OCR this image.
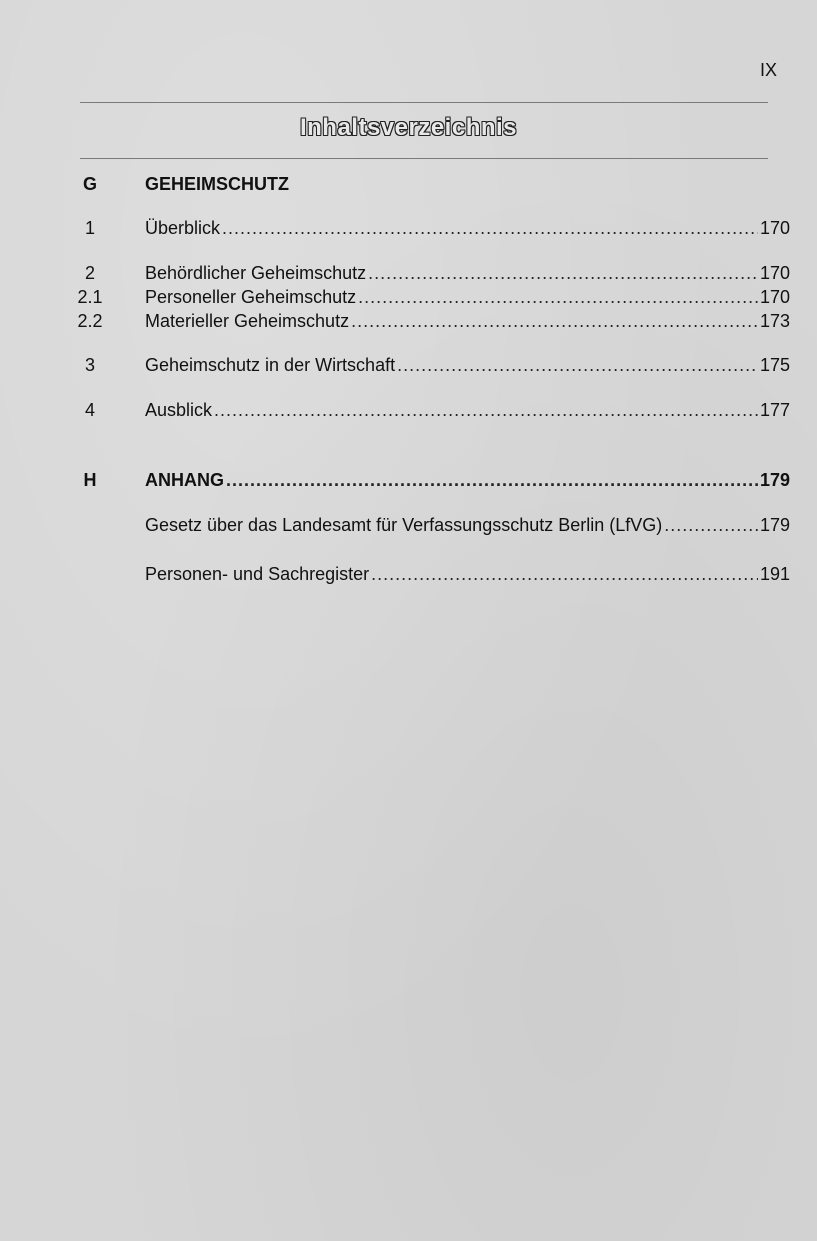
IX
Inhaltsverzeichnis
G	GEHEIMSCHUTZ
1	Überblick .....	170
2	Behördlicher Geheimschutz .....	170
2.1	Personeller Geheimschutz .....	170
2.2	Materieller Geheimschutz .....	173
3	Geheimschutz in der Wirtschaft .....	175
4	Ausblick .....	177
H	ANHANG .....	179
Gesetz über das Landesamt für Verfassungsschutz Berlin (LfVG) .....	179
Personen- und Sachregister .....	191
